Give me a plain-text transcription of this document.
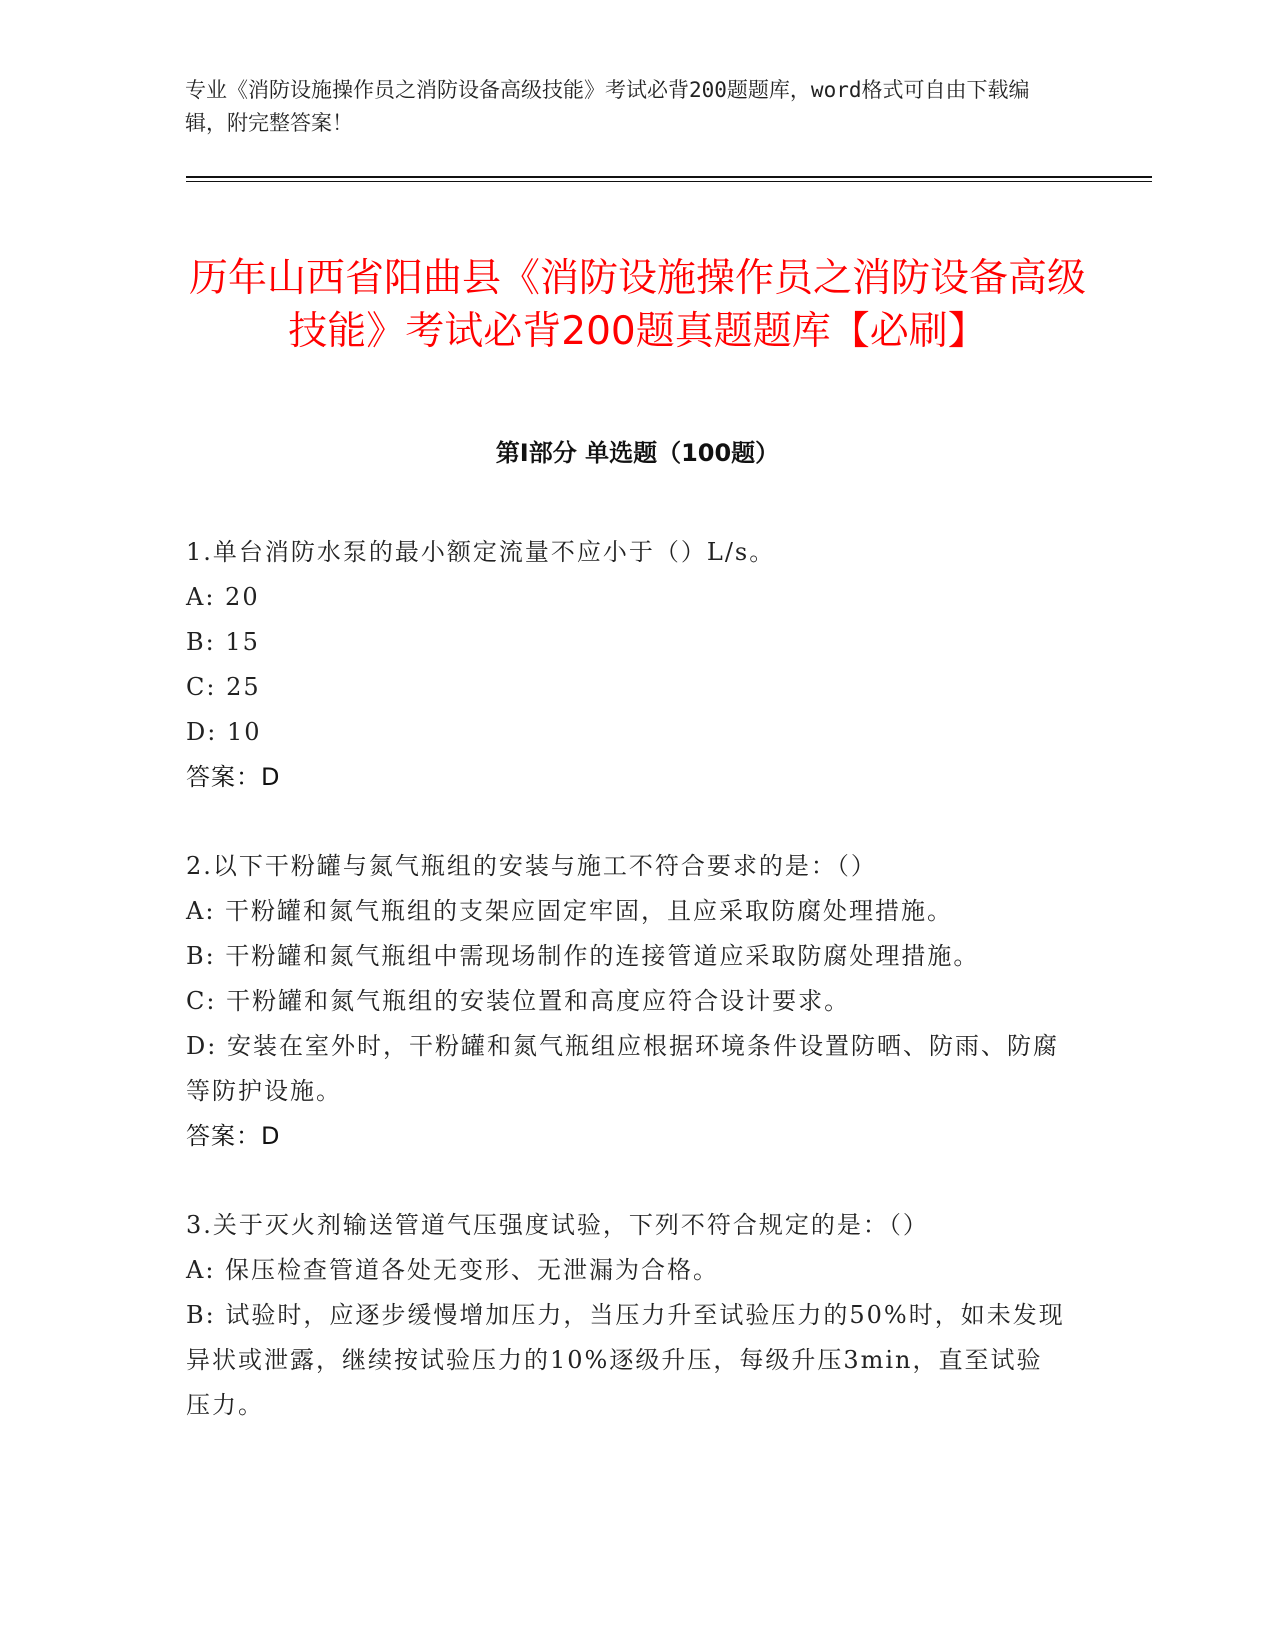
专业《消防设施操作员之消防设备高级技能》考试必背200题题库，word格式可自由下载编辑，附完整答案！
历年山西省阳曲县《消防设施操作员之消防设备高级技能》考试必背200题真题题库【必刷】
第I部分 单选题（100题）
1.单台消防水泵的最小额定流量不应小于（）L/s。
A: 20
B: 15
C: 25
D: 10
答案：D
2.以下干粉罐与氮气瓶组的安装与施工不符合要求的是：（）
A: 干粉罐和氮气瓶组的支架应固定牢固，且应采取防腐处理措施。
B: 干粉罐和氮气瓶组中需现场制作的连接管道应采取防腐处理措施。
C: 干粉罐和氮气瓶组的安装位置和高度应符合设计要求。
D: 安装在室外时，干粉罐和氮气瓶组应根据环境条件设置防晒、防雨、防腐等防护设施。
答案：D
3.关于灭火剂输送管道气压强度试验，下列不符合规定的是：（）
A: 保压检查管道各处无变形、无泄漏为合格。
B: 试验时，应逐步缓慢增加压力，当压力升至试验压力的50%时，如未发现异状或泄露，继续按试验压力的10%逐级升压，每级升压3min，直至试验压力。
